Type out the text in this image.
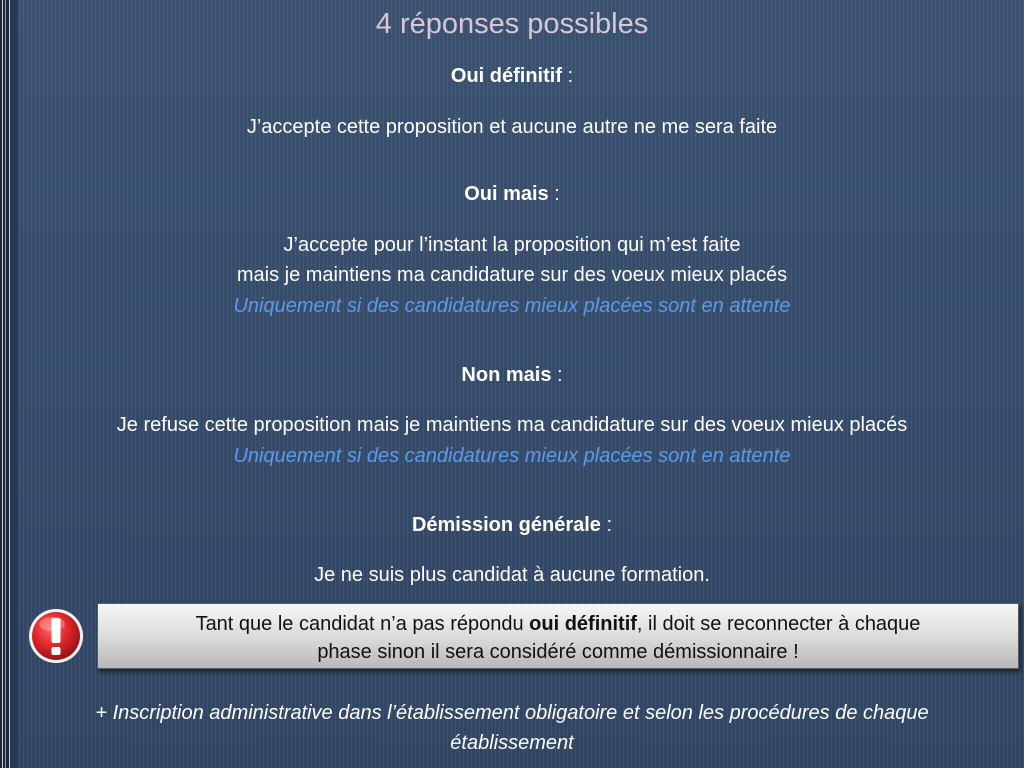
4 réponses possibles
Oui définitif :
J’accepte cette proposition et aucune autre ne me sera faite
Oui mais :
J’accepte pour l’instant la proposition qui m’est faite
mais je maintiens ma candidature sur des voeux mieux placés
Uniquement si des candidatures mieux placées sont en attente
Non mais :
Je refuse cette proposition mais je maintiens ma candidature sur des voeux mieux placés
Uniquement si des candidatures mieux placées sont en attente
Démission générale :
Je ne suis plus candidat à aucune formation.
Tant que le candidat n’a pas répondu oui définitif, il doit se reconnecter à chaque
phase sinon il sera considéré comme démissionnaire !
+ Inscription administrative dans l’établissement obligatoire et selon les procédures de chaque
établissement
